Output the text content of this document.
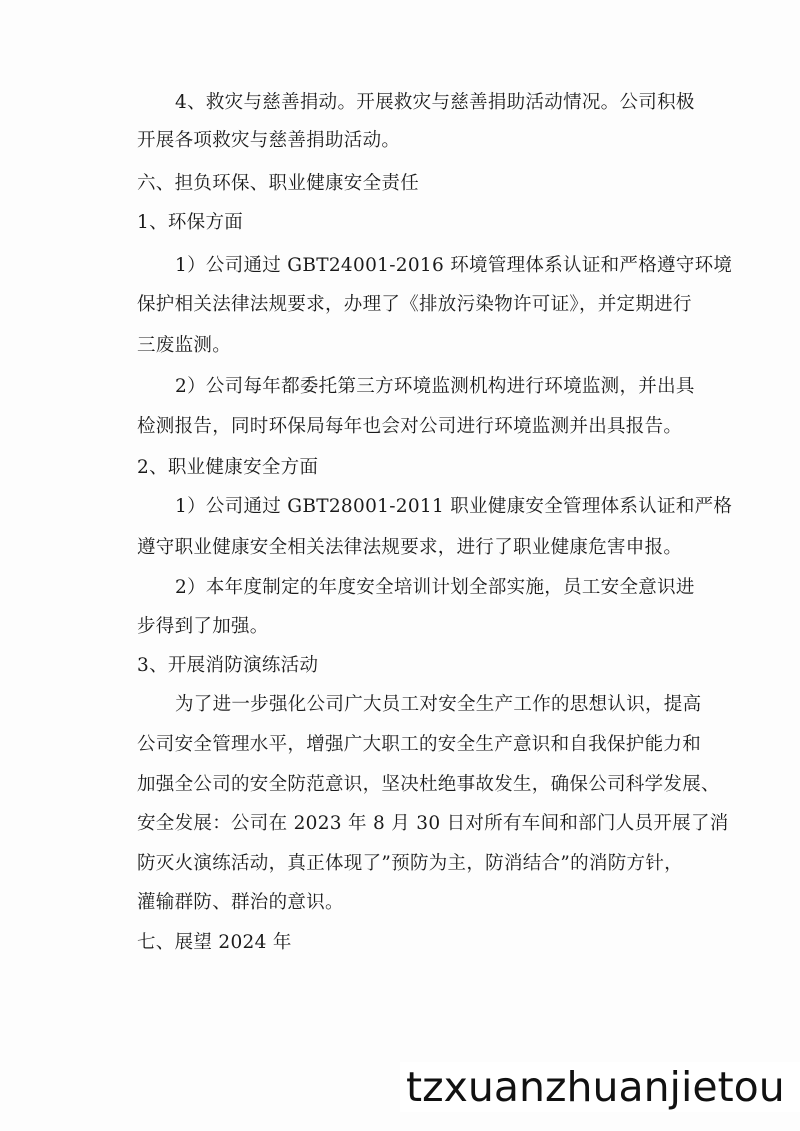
4、救灾与慈善捐动。开展救灾与慈善捐助活动情况。公司积极
开展各项救灾与慈善捐助活动。
六、担负环保、职业健康安全责任
1、环保方面
1）公司通过 GBT24001-2016 环境管理体系认证和严格遵守环境
保护相关法律法规要求，办理了《排放污染物许可证》，并定期进行
三废监测。
2）公司每年都委托第三方环境监测机构进行环境监测，并出具
检测报告，同时环保局每年也会对公司进行环境监测并出具报告。
2、职业健康安全方面
1）公司通过 GBT28001-2011 职业健康安全管理体系认证和严格
遵守职业健康安全相关法律法规要求，进行了职业健康危害申报。
2）本年度制定的年度安全培训计划全部实施，员工安全意识进
步得到了加强。
3、开展消防演练活动
为了进一步强化公司广大员工对安全生产工作的思想认识，提高
公司安全管理水平，增强广大职工的安全生产意识和自我保护能力和
加强全公司的安全防范意识，坚决杜绝事故发生，确保公司科学发展、
安全发展：公司在 2023 年 8 月 30 日对所有车间和部门人员开展了消
防灭火演练活动，真正体现了”预防为主，防消结合”的消防方针，
灌输群防、群治的意识。
七、展望 2024 年
tzxuanzhuanjietou
